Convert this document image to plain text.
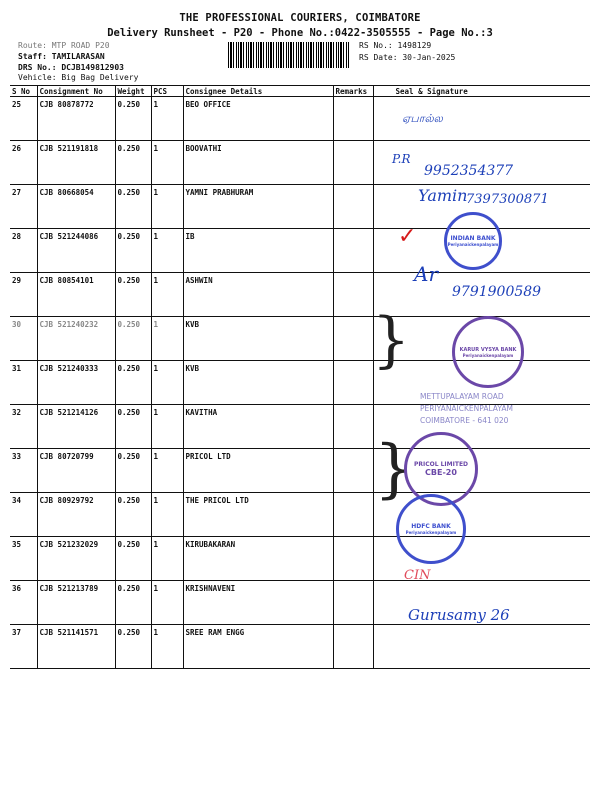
THE PROFESSIONAL COURIERS, COIMBATORE
Delivery Runsheet - P20 - Phone No.:0422-3505555 - Page No.:3
Route: MTP ROAD P20
Staff: TAMILARASAN
DRS No.: DCJB149812903
Vehicle: Big Bag Delivery
RS No.: 1498129
RS Date: 30-Jan-2025
S No	Consignment No	Weight	PCS	Consignee Details	Remarks	Seal & Signature
25	CJB 80878772	0.250	1	BEO OFFICE		
26	CJB 521191818	0.250	1	BOOVATHI		
27	CJB 80668054	0.250	1	YAMNI PRABHURAM		
28	CJB 521244086	0.250	1	IB		
29	CJB 80854101	0.250	1	ASHWIN		
30	CJB 521240232	0.250	1	KVB		
31	CJB 521240333	0.250	1	KVB		
32	CJB 521214126	0.250	1	KAVITHA		
33	CJB 80720799	0.250	1	PRICOL LTD		
34	CJB 80929792	0.250	1	THE PRICOL LTD		
35	CJB 521232029	0.250	1	KIRUBAKARAN		
36	CJB 521213789	0.250	1	KRISHNAVENI		
37	CJB 521141571	0.250	1	SREE RAM ENGG		
ஏபால்ல
P.R
9952354377
Yamin
7397300871
✓	INDIAN BANK
Periyanaickenpalayam
Ar
9791900589
}	KARUR VYSYA BANK
Periyanaickenpalayam
METTUPALAYAM ROAD
PERIYANAICKENPALAYAM
COIMBATORE - 641 020
} PRICOL LIMITED
CBE-20
HDFC BANK
Periyanaickenpalayam
CIN
Gurusamy 26
